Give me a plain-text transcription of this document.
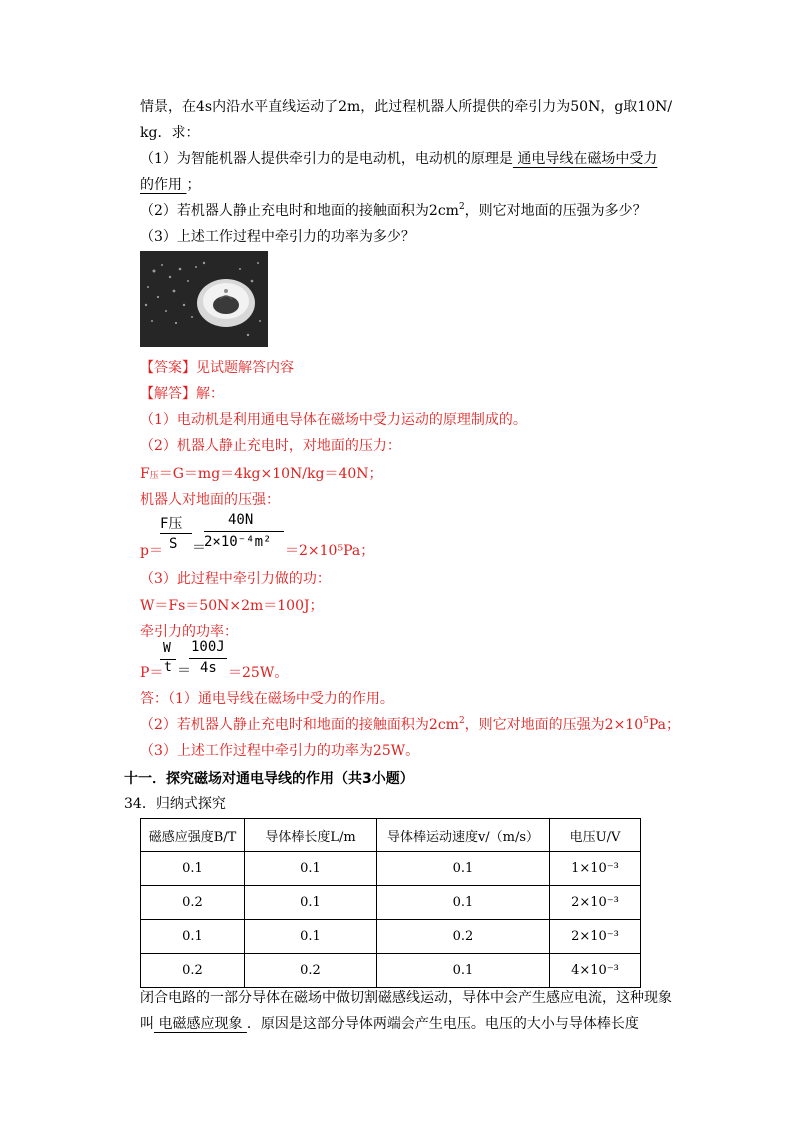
情景，在4s内沿水平直线运动了2m，此过程机器人所提供的牵引力为50N，g取10N/
kg．求：
（1）为智能机器人提供牵引力的是电动机，电动机的原理是 通电导线在磁场中受力
的作用 ；
（2）若机器人静止充电时和地面的接触面积为$2cm^2$，则它对地面的压强为多少？
（3）上述工作过程中牵引力的功率为多少？
【答案】见试题解答内容
【解答】解：
（1）电动机是利用通电导体在磁场中受力运动的原理制成的。
（2）机器人静止充电时，对地面的压力：
F压＝G＝mg＝4kg×10N/kg＝40N；
机器人对地面的压强：
p＝
F压
S ＝
40N
2×10⁻⁴m²
＝2×10⁵Pa；
（3）此过程中牵引力做的功：
W＝Fs＝50N×2m＝100J；
牵引力的功率：
P＝
W
t ＝
100J
4s ＝25W。
答：（1）通电导线在磁场中受力的作用。
（2）若机器人静止充电时和地面的接触面积为$2cm^2$，则它对地面的压强为$2\times 10^5Pa$；
（3）上述工作过程中牵引力的功率为25W。
十一．探究磁场对通电导线的作用（共3小题）
34．归纳式探究
磁感应强度B/T	导体棒长度L/m	导体棒运动速度v/（m/s）	电压U/V
0.1	0.1	0.1	1×10⁻³
0.2	0.1	0.1	2×10⁻³
0.1	0.1	0.2	2×10⁻³
0.2	0.2	0.1	4×10⁻³
闭合电路的一部分导体在磁场中做切割磁感线运动，导体中会产生感应电流，这种现象
叫 电磁感应现象 ．原因是这部分导体两端会产生电压。电压的大小与导体棒长度
